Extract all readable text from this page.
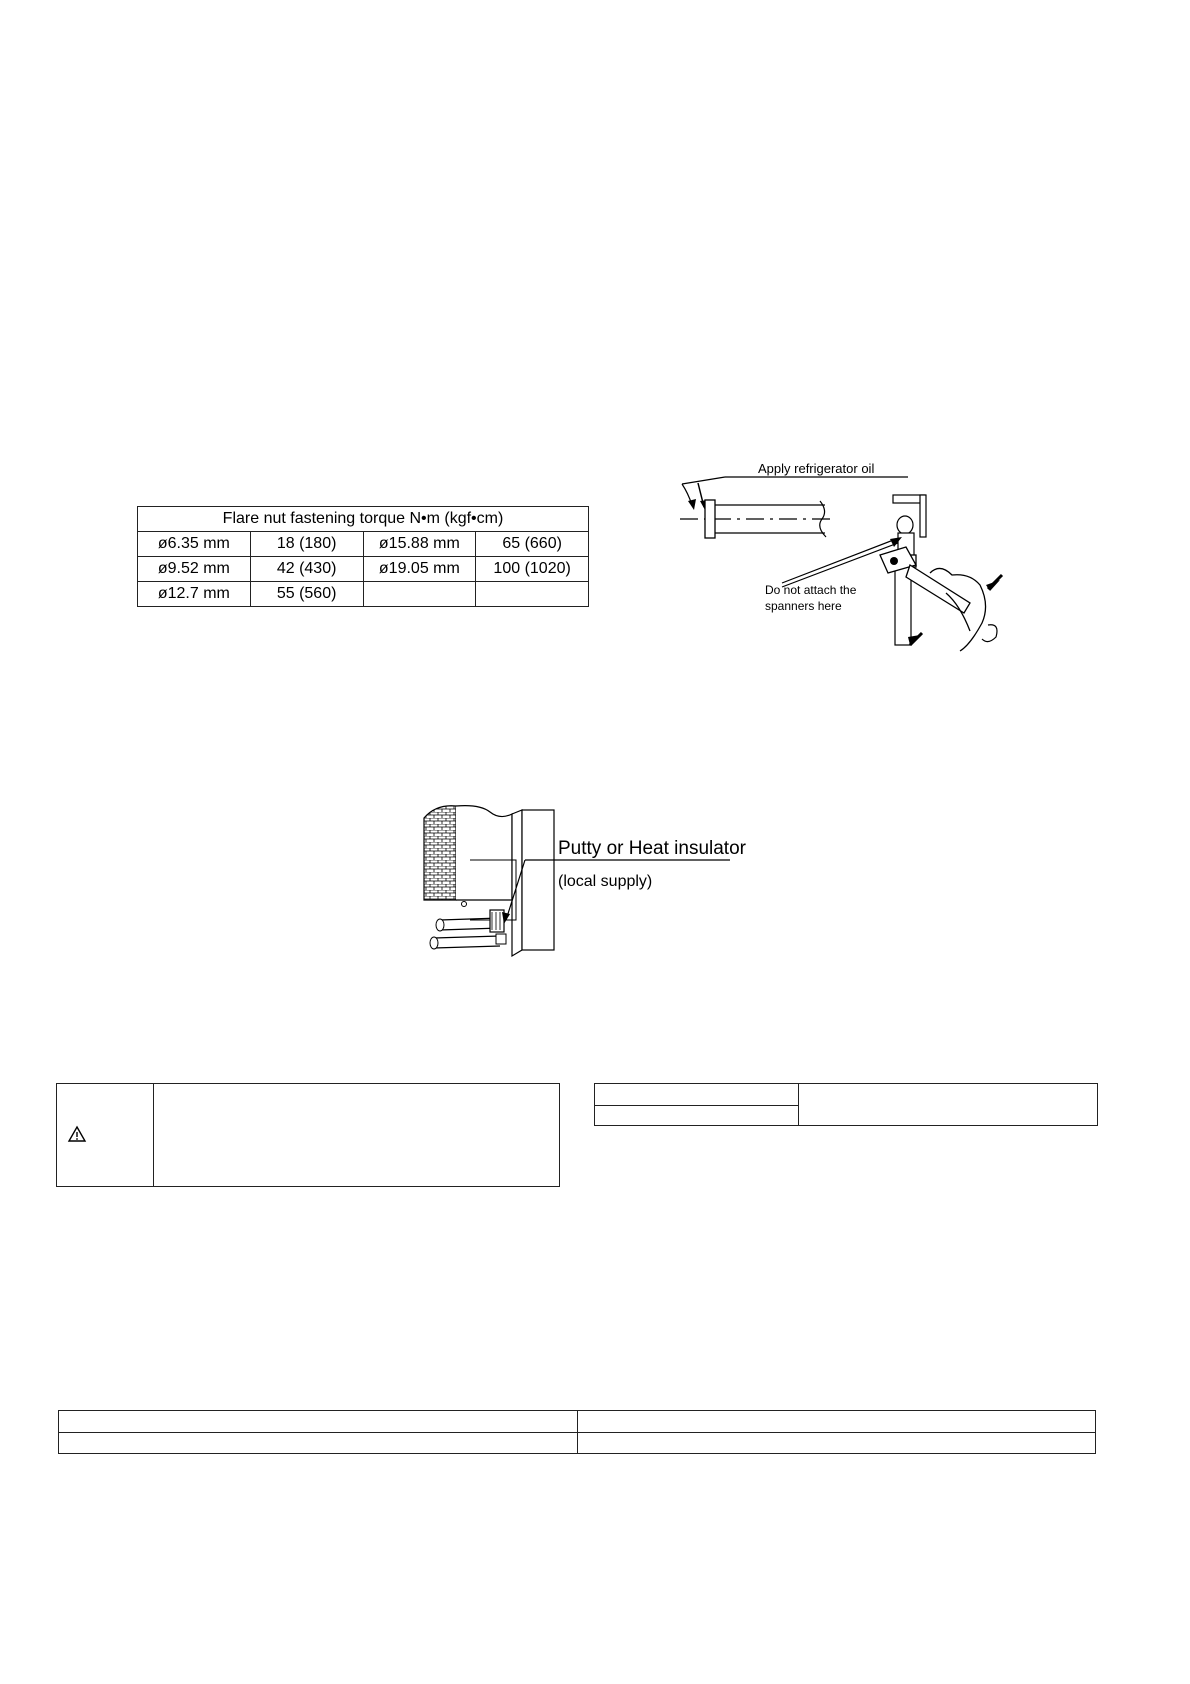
Flare nut fastening torque N•m (kgf•cm)			
ø6.35 mm	18 (180)	ø15.88 mm	65 (660)
ø9.52 mm	42 (430)	ø19.05 mm	100 (1020)
ø12.7 mm	55 (560)		
Apply refrigerator oil
Do not attach the
spanners here
Putty or Heat insulator
(local supply)
